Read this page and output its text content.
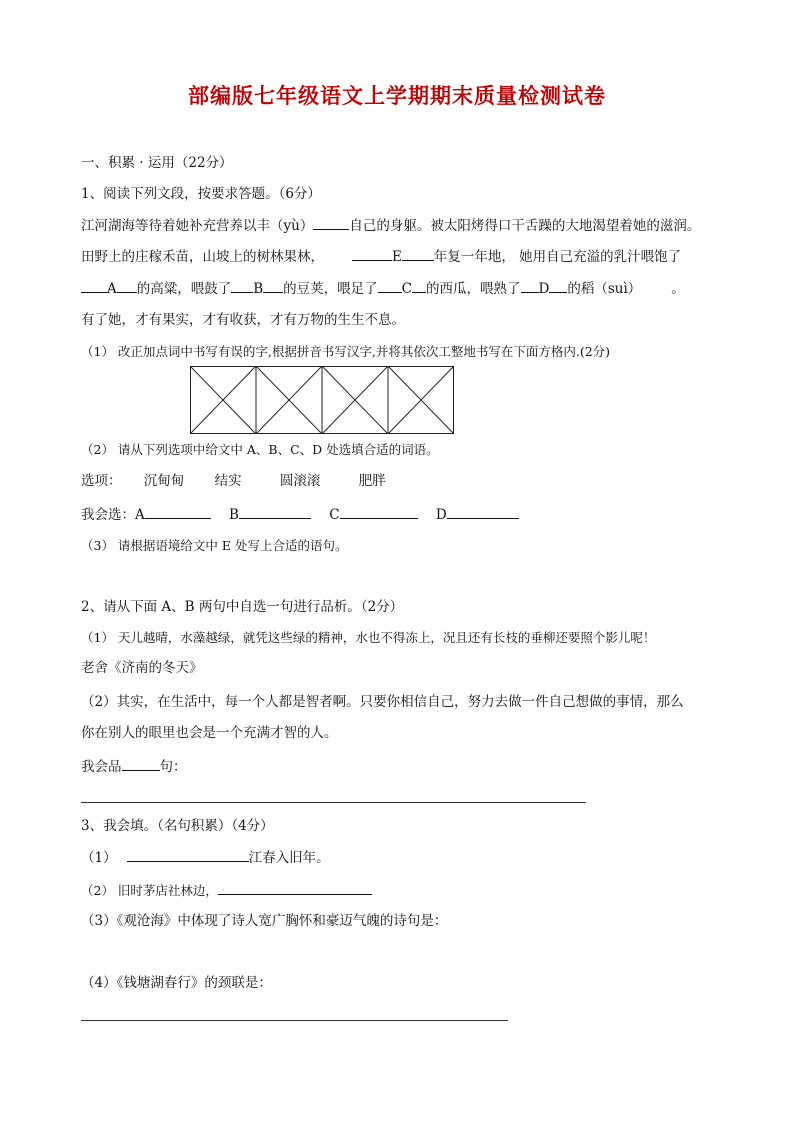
部编版七年级语文上学期期末质量检测试卷
一、积累 · 运用（22分）
1、阅读下列文段，按要求答题。（6分）
江河湖海等待着她补充营养以丰（yù）	自己的身躯。被太阳烤得口干舌躁的大地渴望着她的滋润。
田野上的庄稼禾苗，山坡上的树林果林，	E 年复一年地， 她用自己充溢的乳汁喂饱了
A 的高粱，喂鼓了 B 的豆荚，喂足了 C 的西瓜，喂熟了 D 的稻（suì） 。
有了她，才有果实，才有收获，才有万物的生生不息。
（1） 改正加点词中书写有误的字,根据拼音书写汉字,并将其依次工整地书写在下面方格内.(2分)
（2） 请从下列选项中给文中 A、B、C、D 处选填合适的词语。
选项： 沉甸甸 结实	圆滚滚	肥胖
我会选：A	B	C	D
（3） 请根据语境给文中 E 处写上合适的语句。
2、请从下面 A、B 两句中自选一句进行品析。（2分）
（1） 天儿越晴，水藻越绿，就凭这些绿的精神，水也不得冻上，况且还有长枝的垂柳还要照个影儿呢！
老舍《济南的冬天》
（2）其实，在生活中，每一个人都是智者啊。只要你相信自己，努力去做一件自己想做的事情，那么
你在别人的眼里也会是一个充满才智的人。
我会品	句：
3、我会填。（名句积累）（4分）
（1）	江春入旧年。
（2） 旧时茅店社林边，
（3）《观沧海》中体现了诗人宽广胸怀和豪迈气魄的诗句是：
（4）《钱塘湖春行》的颈联是：
